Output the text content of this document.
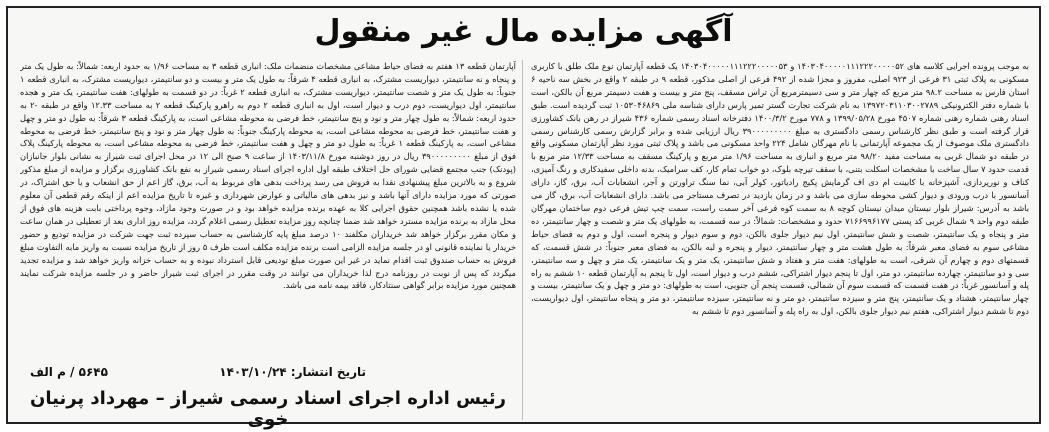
آگهی مزایده مال غیر منقول
به موجب پرونده اجرایی کلاسه های ۱۴۰۳۰۴۰۰۰۰۰۱۱۱۲۲۲۰۰۰۰۰۵۲ و ۱۴۰۳۰۴۰۰۰۰۰۱۱۱۲۲۲۰۰۰۰۰۵۳ یک قطعه آپارتمان نوع ملک طلق با کاربری مسکونی به پلاک ثبتی ۳۱ فرعی از ۹۲۳ اصلی، مفروز و مجزا شده از ۴۹۲ فرعی از اصلی مذکور، قطعه ۹ در طبقه ۲ واقع در بخش سه ناحیه ۶ استان فارس به مساحت ۹۸.۲ متر مربع که چهار متر و سی دسیمترمربع آن تراس مسقف، پنج متر و بیست و هفت دسیمتر مربع آن بالکن، است با شماره دفتر الکترونیکی ۱۳۹۷۲۰۳۱۱۰۳۰۰۲۷۸۹ به نام شرکت تجارت گستر تمیر پارس دارای شناسه ملی ۱۰۵۳۰۴۶۸۶۹ ثبت گردیده است. طبق اسناد رهنی شماره رهنی شماره ۴۵۰۷ مورخ ۱۳۹۹/۰۵/۲۸ و ۷۷۸ مورخ ۱۴۰۰/۳/۲ دفترخانه اسناد رسمی شماره ۴۳۶ شیراز در رهن بانک کشاورزی قرار گرفته است و طبق نظر کارشناس رسمی دادگستری به مبلغ ۳۹۰۰۰۰۰۰۰۰۰ ریال ارزیابی شده و برابر گزارش رسمی کارشناس رسمی دادگستری ملک موصوف از یک مجموعه آپارتمانی با نام مهرگان شامل ۲۲۴ واحد مسکونی می باشد و پلاک ثبتی مورد نظر آپارتمان مسکونی واقع در طبقه دو شمال غربی به مساحت مفید ۹۸/۲۰ متر مربع و انباری به مساحت ۱/۹۶ متر مربع و پارکینگ مسقف به مساحت ۱۲/۳۳ متر مربع با قدمت حدود ۷ سال ساخت با مشخصات اسکلت بتنی، با سقف تیرچه بلوک، دو خواب تمام کار، کف سرامیک، بدنه داخلی سفیدکاری و رنگ آمیزی، کناف و نورپردازی، آشپزخانه با کابینت ام دی اف گرمایش پکیج رادیاتور، کولر آبی، نما سنگ تراورتن و آجر، انشعابات آب، برق، گاز، دارای آسانسور با درب ورودی و دیوار کشی محوطه سازی می باشد و در زمان بازدید در تصرف مستاجر می باشد. دارای انشعابات آب، برق، گاز می باشد به آدرس: شیراز بلوار نیستان میدان نیستان کوچه ۸ به سمت کوه فرعی آخر سمت راست، سمت چپ تیش فرعی دوم ساختمان مهرگان طبقه دوم واحد ۹ شمال غربی کد پستی ۷۱۶۶۹۹۶۱۷۷ حدود و مشخصات: شمالاً: در سه قسمت، به طولهای یک متر و شصت و چهار سانتیمتر، ده متر و پنجاه و یک سانتیمتر، شصت و شش سانتیمتر، اول نیم دیوار جلوی بالکن، دوم و سوم دیوار و پنجره است، اول و دوم به فضای حیاط مشاعی سوم به فضای معبر شرقاً: به طول هشت متر و چهار سانتیمتر، دیوار و پنجره و لبه بالکن، به فضای معبر جنوباً: در شش قسمت، که قسمتهای دوم و چهارم آن شرقی، است به طولهای: هفت متر و هفتاد و شش سانتیمتر، یک متر و یک سانتیمتر، یک متر و چهل و سه سانتیمتر، سی و دو سانتیمتر، چهارده سانتیمتر، دو متر، اول تا پنجم دیوار اشتراکی، ششم درب و دیوار است، اول تا پنجم به آپارتمان قطعه ۱۰ ششم به راه پله و آسانسور غرباً: در هفت قسمت که قسمت سوم آن شمالی، قسمت پنجم آن جنوبی، است به طولهای: دو متر و چهل و یک سانتیمتر، بیست و چهار سانتیمتر، هشتاد و یک سانتیمتر، پنج متر و سیزده سانتیمتر، دو متر و نه سانتیمتر، سیزده سانتیمتر، دو متر و پنجاه سانتیمتر، اول دیواریست، دوم تا ششم دیوار اشتراکی، هفتم نیم دیوار جلوی بالکن، اول به راه پله و آسانسور دوم تا ششم به
آپارتمان قطعه ۱۳ هفتم به فضای حیاط مشاعی مشخصات منضمات ملک: انباری قطعه ۳ به مساحت ۱/۹۶ به حدود اربعه: شمالاً: به طول یک متر و پنجاه و نه سانتیمتر، دیواریست مشترک، به انباری قطعه ۴ شرقاً: به طول یک متر و بیست و دو سانتیمتر، دیواریست مشترک، به انباری قطعه ۱ جنوباً: به طول یک متر و شصت سانتیمتر، دیواریست مشترک، به انباری قطعه ۲ غرباً: در دو قسمت به طولهای: هفت سانتیمتر، یک متر و هجده سانتیمتر، اول دیواریست، دوم درب و دیوار است، اول به انباری قطعه ۲ دوم به راهرو پارکینگ قطعه ۲ به مساحت ۱۲.۳۳ واقع در طبقه -۲ به حدود اربعه: شمالاً: به طول چهار متر و نود و پنج سانتیمتر، خط فرضی به محوطه مشاعی است، به پارکینگ قطعه ۳ شرقاً: به طول دو متر و چهل و هفت سانتیمتر، خط فرضی به محوطه مشاعی است، به محوطه پارکینگ جنوباً: به طول چهار متر و نود و پنج سانتیمتر، خط فرضی به محوطه مشاعی است، به پارکینگ قطعه ۱ غرباً: به طول دو متر و چهل و هفت سانتیمتر، خط فرضی به محوطه مشاعی است، به محوطه پارکینگ پلاک فوق از مبلغ ۳۹۰۰۰۰۰۰۰۰۰ ریال در روز دوشنبه مورخ ۱۴۰۳/۱۱/۸ از ساعت ۹ صبح الی ۱۲ در محل اجرای ثبت شیراز به نشانی بلوار جانبازان (پودنک) جنب مجتمع قضایی شورای حل اختلاف طبقه اول اداره اجرای اسناد رسمی شیراز به نفع بانک کشاورزی برگزار و مزایده از مبلغ مذکور شروع و به بالاترین مبلغ پیشنهادی نقدا به فروش می رسد پرداخت بدهی های مربوط به آب، برق، گاز اعم از حق انشعاب و یا حق اشتراک، در صورتی که مورد مزایده دارای آنها باشد و نیز بدهی های مالیاتی و عوارض شهرداری و غیره تا تاریخ مزایده اعم از اینکه رقم قطعی آن معلوم شده یا نشده باشد همچنین حقوق اجرایی کلا به عهده برنده مزایده خواهد بود و در صورت وجود مازاد، وجوه پرداختی بابت هزینه های فوق از محل مازاد به برنده مزایده مسترد خواهد شد ضمنا چنانچه روز مزایده تعطیل رسمی اعلام گردد، مزایده روز اداری بعد از تعطیلی در همان ساعت و مکان مقرر برگزار خواهد شد خریداران مکلفند ۱۰ درصد مبلغ پایه کارشناسی به حساب سپرده ثبت جهت شرکت در مزایده تودیع و حضور خریدار یا نماینده قانونی او در جلسه مزایده الزامی است برنده مزایده مکلف است ظرف ۵ روز از تاریخ مزایده نسبت به واریز مابه التفاوت مبلغ فروش به حساب صندوق ثبت اقدام نماید در غیر این صورت مبلغ تودیعی قابل استرداد نبوده و به حساب خزانه واریز خواهد شد و مزایده تجدید میگردد که پس از نوبت در روزنامه درج لذا خریداران می توانند در وقت مقرر در اجرای ثبت شیراز حاضر و در جلسه مزایده شرکت نمایند همچنین مورد مزایده برابر گواهی سنتادکار، فاقد بیمه نامه می باشد.
تاریخ انتشار: ۱۴۰۳/۱۰/۲۴
۵۶۴۵ / م الف
رئیس اداره اجرای اسناد رسمی شیراز – مهرداد پرنیان خوی
